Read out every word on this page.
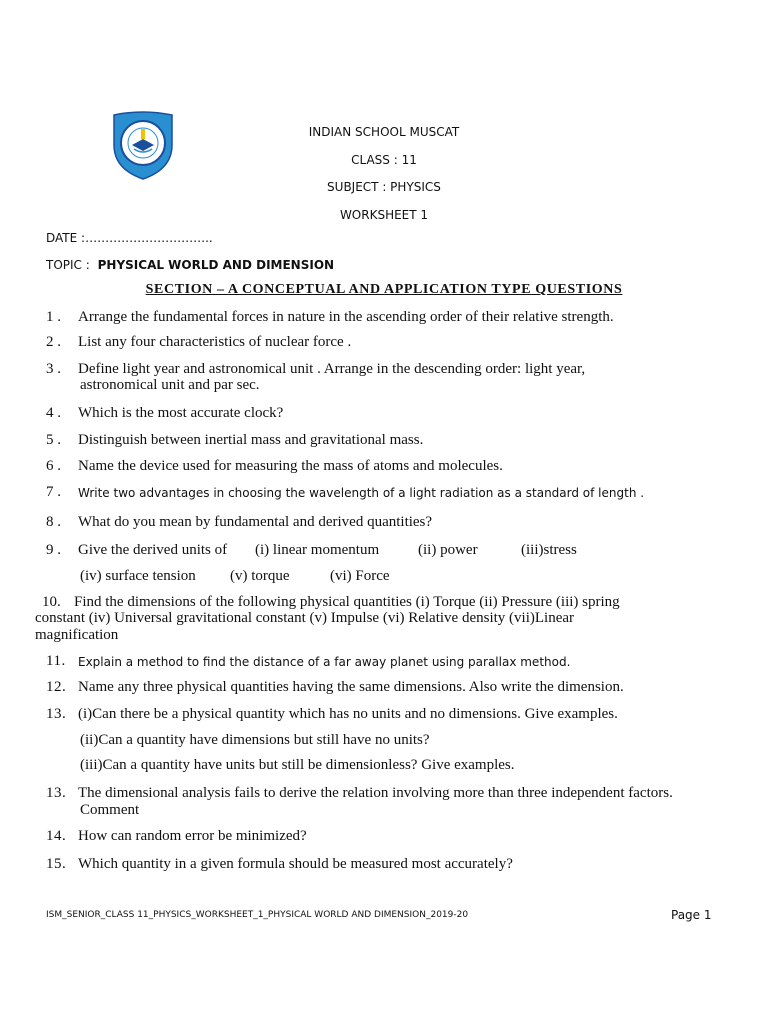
INDIAN SCHOOL MUSCAT
CLASS : 11
SUBJECT : PHYSICS
WORKSHEET 1
DATE :…………………………..
TOPIC : PHYSICAL WORLD AND DIMENSION
SECTION – A CONCEPTUAL AND APPLICATION TYPE QUESTIONS
1 . Arrange the fundamental forces in nature in the ascending order of their relative strength.
2 . List any four characteristics of nuclear force .
3 . Define light year and astronomical unit . Arrange in the descending order: light year,
astronomical unit and par sec.
4 . Which is the most accurate clock?
5 . Distinguish between inertial mass and gravitational mass.
6 . Name the device used for measuring the mass of atoms and molecules.
7 . Write two advantages in choosing the wavelength of a light radiation as a standard of length .
8 . What do you mean by fundamental and derived quantities?
9 . Give the derived units of (i) linear momentum	(ii) power	(iii)stress
(iv) surface tension (v) torque	(vi) Force
10. Find the dimensions of the following physical quantities (i) Torque (ii) Pressure (iii) spring
constant (iv) Universal gravitational constant (v) Impulse (vi) Relative density (vii)Linear
magnification
11. Explain a method to find the distance of a far away planet using parallax method.
12. Name any three physical quantities having the same dimensions. Also write the dimension.
13. (i)Can there be a physical quantity which has no units and no dimensions. Give examples.
(ii)Can a quantity have dimensions but still have no units?
(iii)Can a quantity have units but still be dimensionless? Give examples.
13. The dimensional analysis fails to derive the relation involving more than three independent factors.
Comment
14. How can random error be minimized?
15. Which quantity in a given formula should be measured most accurately?
ISM_SENIOR_CLASS 11_PHYSICS_WORKSHEET_1_PHYSICAL WORLD AND DIMENSION_2019-20	Page 1
